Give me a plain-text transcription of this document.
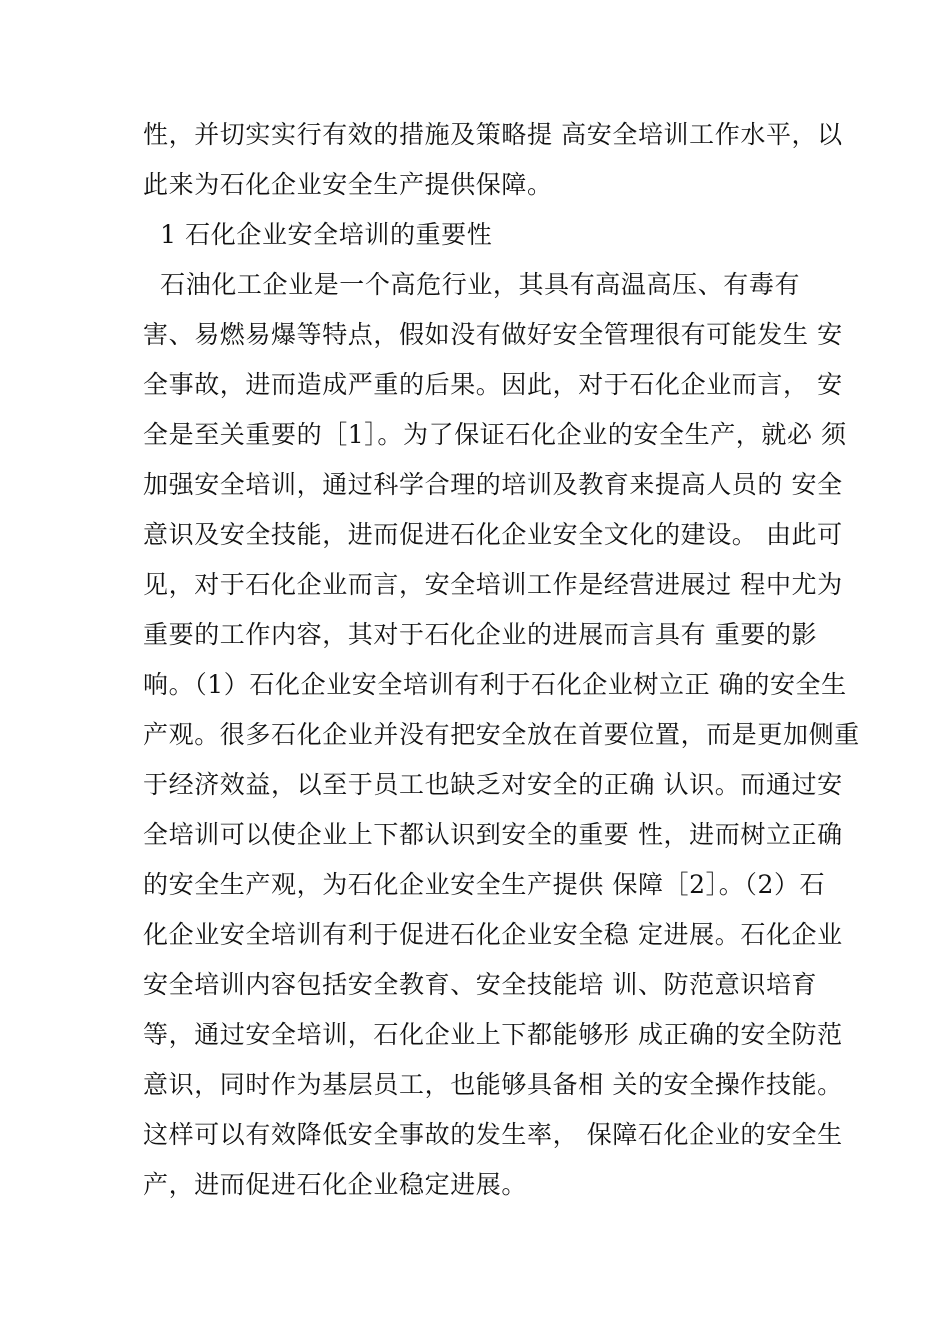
性，并切实实行有效的措施及策略提 高安全培训工作水平，以
此来为石化企业安全生产提供保障。
1 石化企业安全培训的重要性
石油化工企业是一个高危行业，其具有高温高压、有毒有
害、易燃易爆等特点，假如没有做好安全管理很有可能发生 安
全事故，进而造成严重的后果。因此，对于石化企业而言， 安
全是至关重要的［1］。为了保证石化企业的安全生产，就必 须
加强安全培训，通过科学合理的培训及教育来提高人员的 安全
意识及安全技能，进而促进石化企业安全文化的建设。 由此可
见，对于石化企业而言，安全培训工作是经营进展过 程中尤为
重要的工作内容，其对于石化企业的进展而言具有 重要的影
响。（1）石化企业安全培训有利于石化企业树立正 确的安全生
产观。很多石化企业并没有把安全放在首要位置，而是更加侧重
于经济效益，以至于员工也缺乏对安全的正确 认识。而通过安
全培训可以使企业上下都认识到安全的重要 性，进而树立正确
的安全生产观，为石化企业安全生产提供 保障［2］。（2）石
化企业安全培训有利于促进石化企业安全稳 定进展。石化企业
安全培训内容包括安全教育、安全技能培 训、防范意识培育
等，通过安全培训，石化企业上下都能够形 成正确的安全防范
意识，同时作为基层员工，也能够具备相 关的安全操作技能。
这样可以有效降低安全事故的发生率， 保障石化企业的安全生
产，进而促进石化企业稳定进展。
